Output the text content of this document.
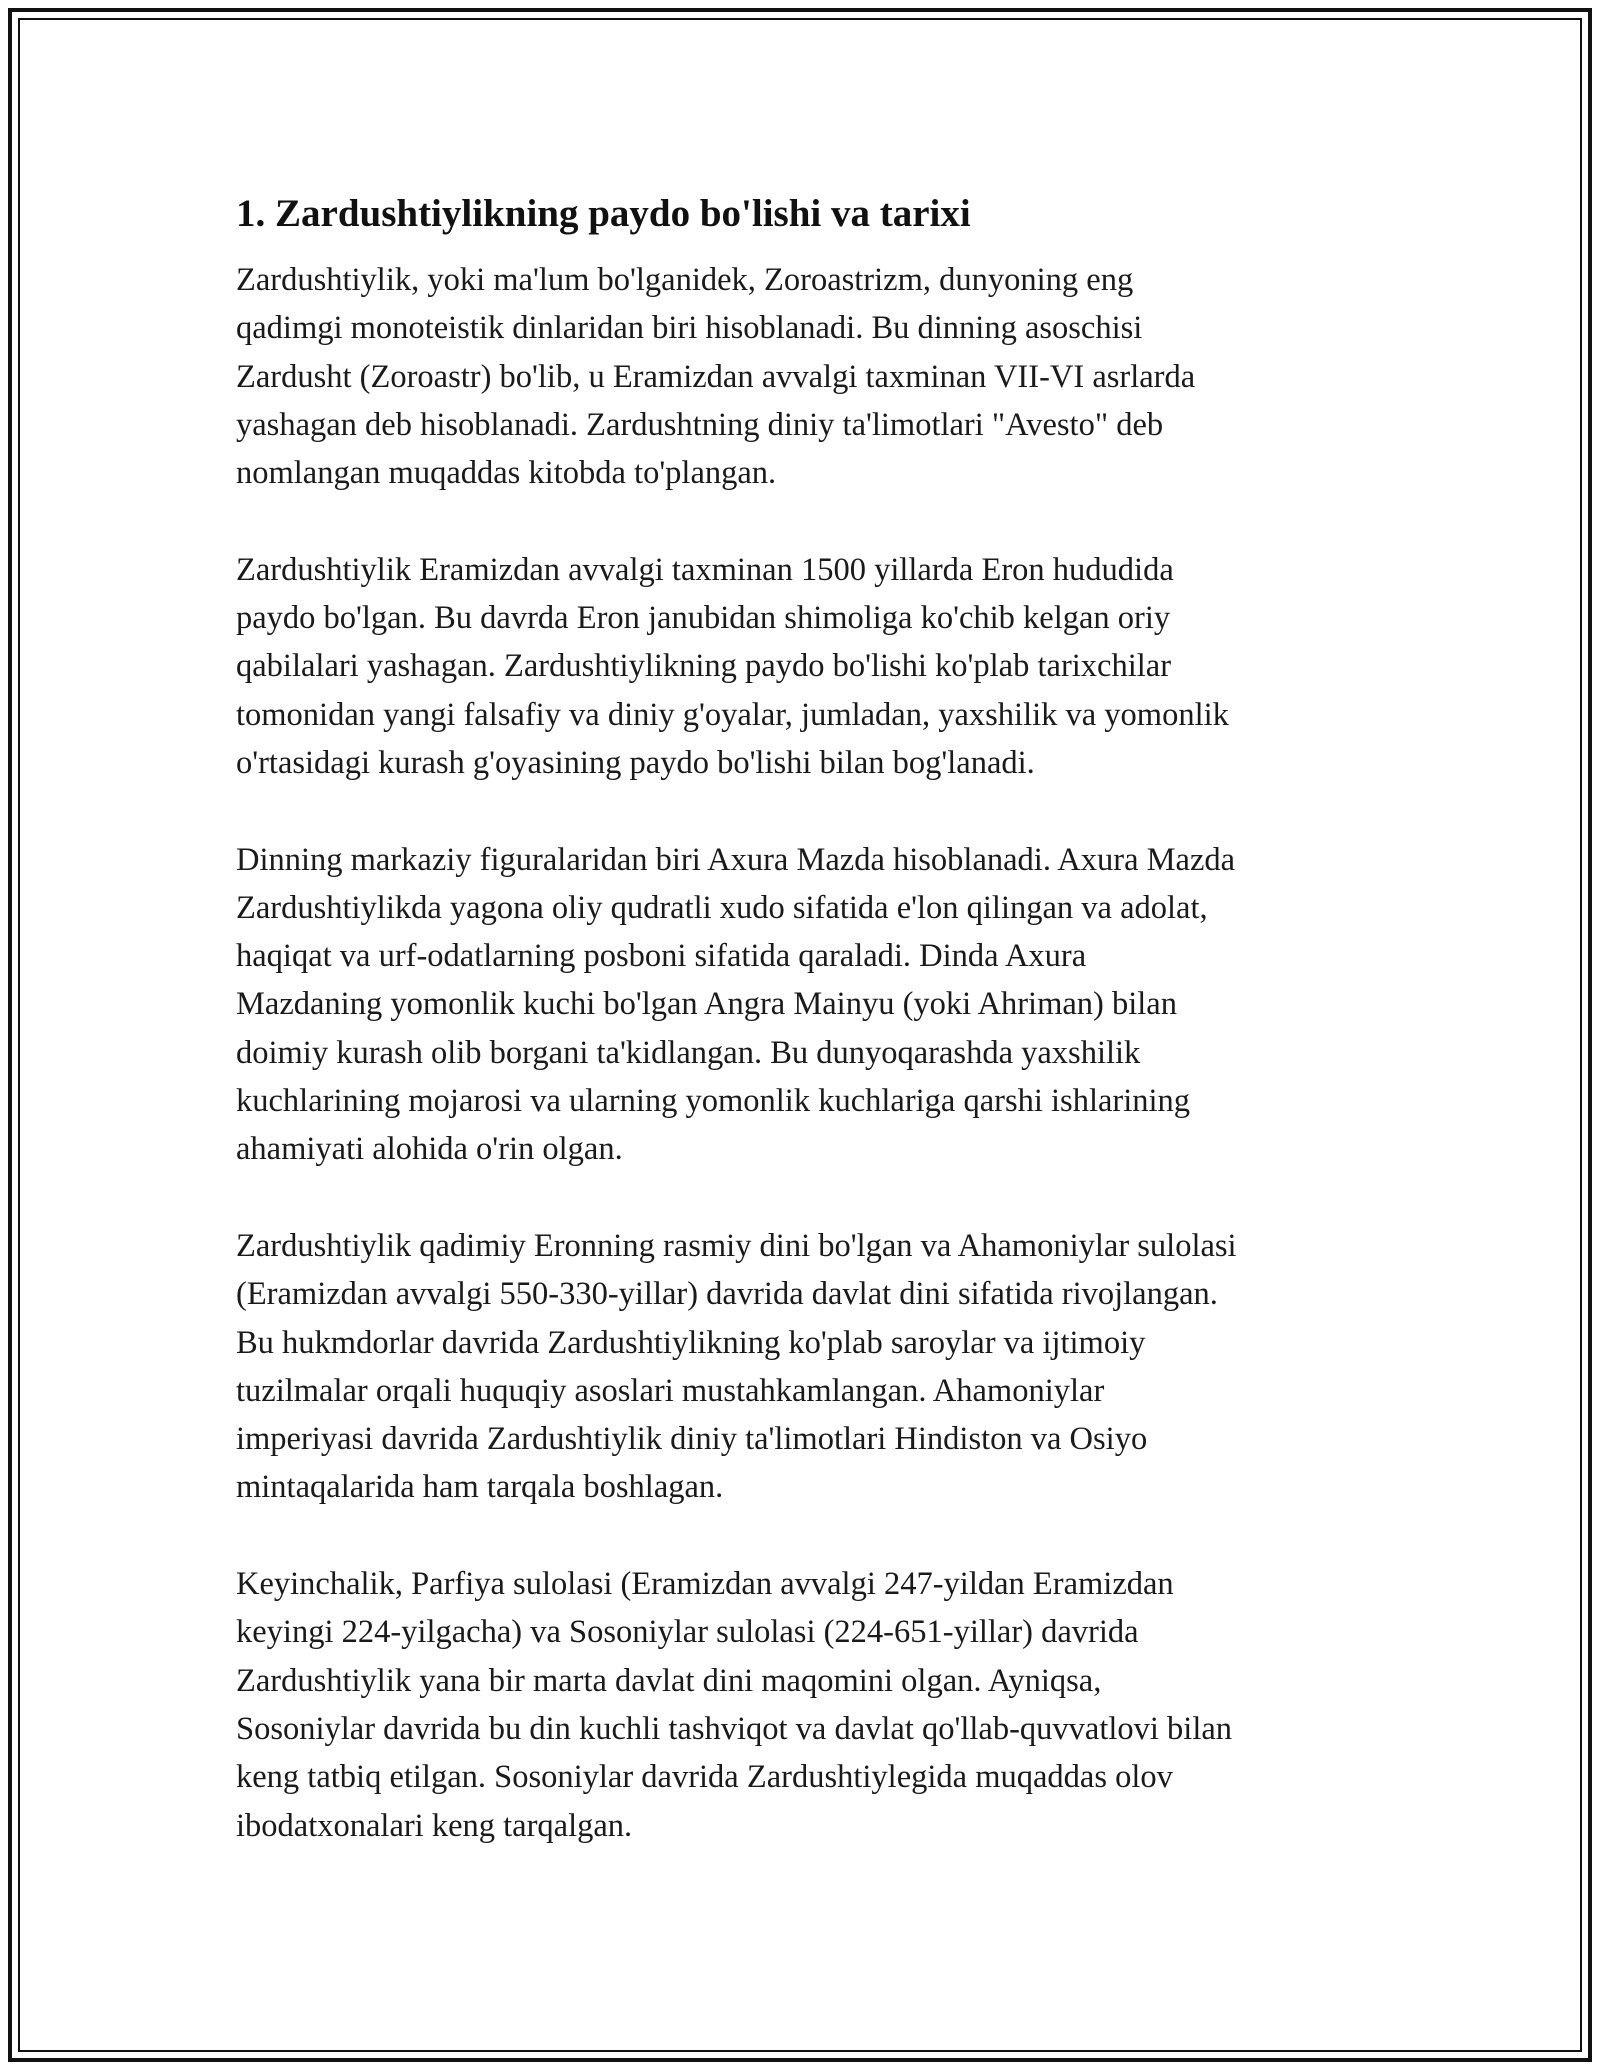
1. Zardushtiylikning paydo bo'lishi va tarixi

Zardushtiylik, yoki ma'lum bo'lganidek, Zoroastrizm, dunyoning eng
qadimgi monoteistik dinlaridan biri hisoblanadi. Bu dinning asoschisi
Zardusht (Zoroastr) bo'lib, u Eramizdan avvalgi taxminan VII-VI asrlarda
yashagan deb hisoblanadi. Zardushtning diniy ta'limotlari "Avesto" deb
nomlangan muqaddas kitobda to'plangan.

Zardushtiylik Eramizdan avvalgi taxminan 1500 yillarda Eron hududida
paydo bo'lgan. Bu davrda Eron janubidan shimoliga ko'chib kelgan oriy
qabilalari yashagan. Zardushtiylikning paydo bo'lishi ko'plab tarixchilar
tomonidan yangi falsafiy va diniy g'oyalar, jumladan, yaxshilik va yomonlik
o'rtasidagi kurash g'oyasining paydo bo'lishi bilan bog'lanadi.

Dinning markaziy figuralaridan biri Axura Mazda hisoblanadi. Axura Mazda
Zardushtiylikda yagona oliy qudratli xudo sifatida e'lon qilingan va adolat,
haqiqat va urf-odatlarning posboni sifatida qaraladi. Dinda Axura
Mazdaning yomonlik kuchi bo'lgan Angra Mainyu (yoki Ahriman) bilan
doimiy kurash olib borgani ta'kidlangan. Bu dunyoqarashda yaxshilik
kuchlarining mojarosi va ularning yomonlik kuchlariga qarshi ishlarining
ahamiyati alohida o'rin olgan.

Zardushtiylik qadimiy Eronning rasmiy dini bo'lgan va Ahamoniylar sulolasi
(Eramizdan avvalgi 550-330-yillar) davrida davlat dini sifatida rivojlangan.
Bu hukmdorlar davrida Zardushtiylikning ko'plab saroylar va ijtimoiy
tuzilmalar orqali huquqiy asoslari mustahkamlangan. Ahamoniylar
imperiyasi davrida Zardushtiylik diniy ta'limotlari Hindiston va Osiyo
mintaqalarida ham tarqala boshlagan.

Keyinchalik, Parfiya sulolasi (Eramizdan avvalgi 247-yildan Eramizdan
keyingi 224-yilgacha) va Sosoniylar sulolasi (224-651-yillar) davrida
Zardushtiylik yana bir marta davlat dini maqomini olgan. Ayniqsa,
Sosoniylar davrida bu din kuchli tashviqot va davlat qo'llab-quvvatlovi bilan
keng tatbiq etilgan. Sosoniylar davrida Zardushtiylegida muqaddas olov
ibodatxonalari keng tarqalgan.
